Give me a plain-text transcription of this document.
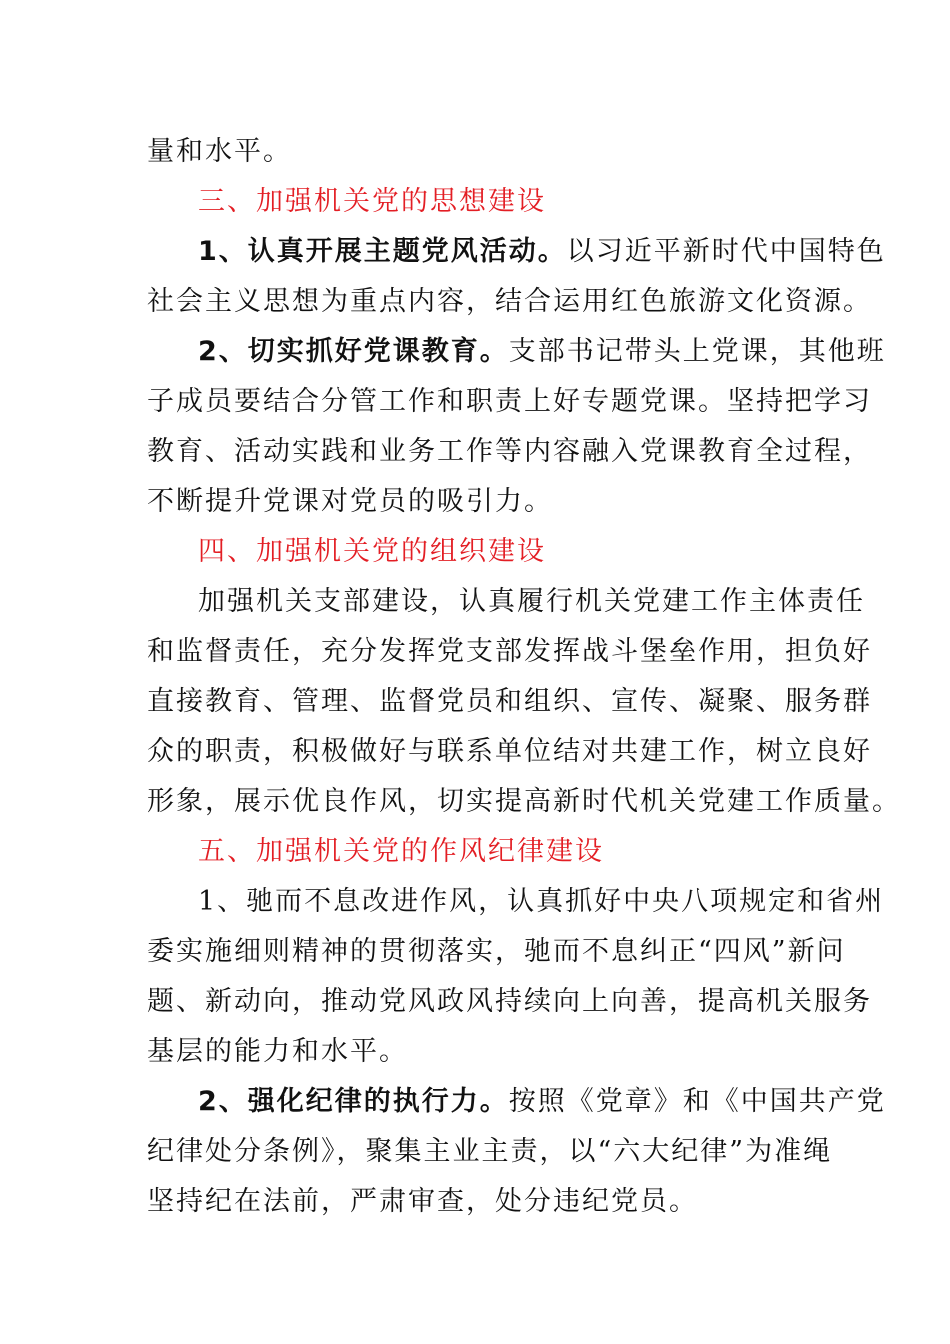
量和水平。
三、加强机关党的思想建设
1、认真开展主题党风活动。以习近平新时代中国特色
社会主义思想为重点内容，结合运用红色旅游文化资源。
2、切实抓好党课教育。支部书记带头上党课，其他班
子成员要结合分管工作和职责上好专题党课。坚持把学习
教育、活动实践和业务工作等内容融入党课教育全过程，
不断提升党课对党员的吸引力。
四、加强机关党的组织建设
加强机关支部建设，认真履行机关党建工作主体责任
和监督责任，充分发挥党支部发挥战斗堡垒作用，担负好
直接教育、管理、监督党员和组织、宣传、凝聚、服务群
众的职责，积极做好与联系单位结对共建工作，树立良好
形象，展示优良作风，切实提高新时代机关党建工作质量。
五、加强机关党的作风纪律建设
1、驰而不息改进作风，认真抓好中央八项规定和省州
委实施细则精神的贯彻落实，驰而不息纠正“四风”新问
题、新动向，推动党风政风持续向上向善，提高机关服务
基层的能力和水平。
2、强化纪律的执行力。按照《党章》和《中国共产党
纪律处分条例》，聚集主业主责，以“六大纪律”为准绳
坚持纪在法前，严肃审查，处分违纪党员。
